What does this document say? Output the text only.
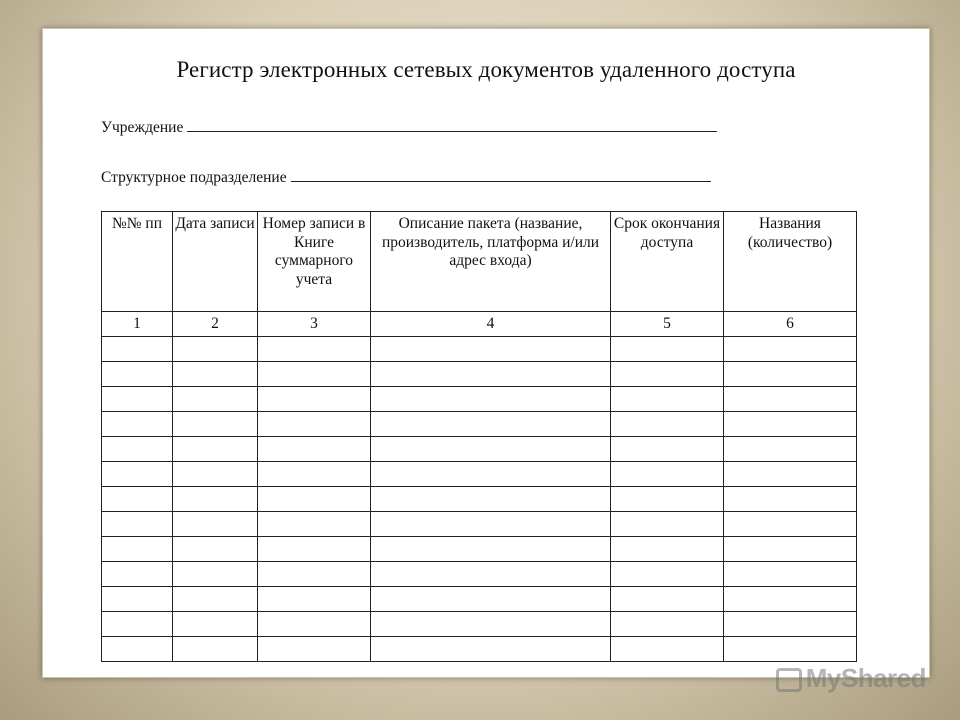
Регистр электронных сетевых документов удаленного доступа
Учреждение
Структурное подразделение
№№ пп	Дата записи	Номер записи в Книге суммарного учета	Описание пакета (название, производитель, платформа и/или адрес входа)	Срок окончания доступа	Названия (количество)
1	2	3	4	5	6

MyShared
